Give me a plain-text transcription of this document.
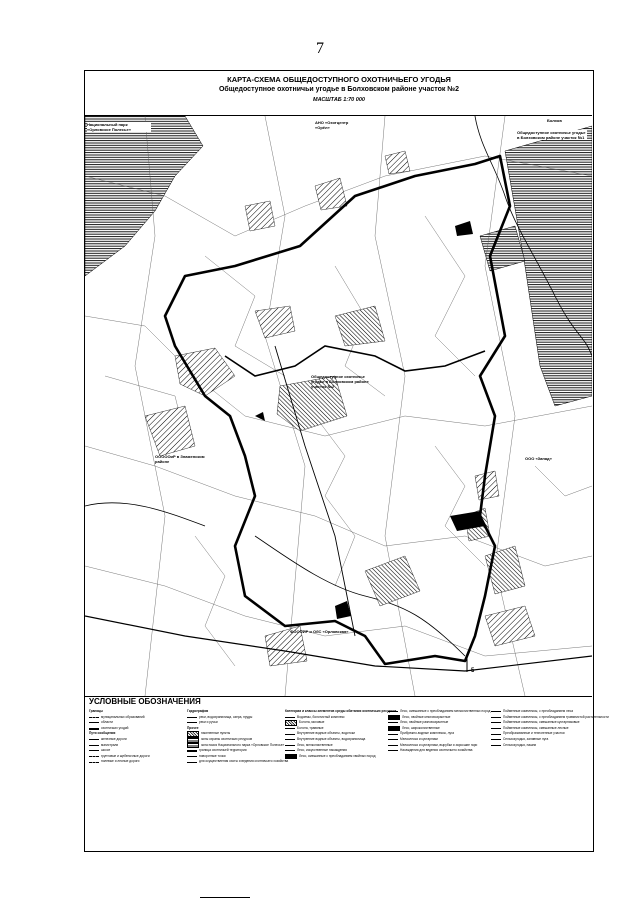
7
КАРТА-СХЕМА ОБЩЕДОСТУПНОГО ОХОТНИЧЬЕГО УГОДЬЯ
Общедоступное охотничьи угодье в Болховском районе участок №2
МАСШТАБ 1:70 000
Национальный парк «Орловское Полесье»
АНО «Охотцентр «Орёл»
Болхов
Общедоступное охотничье угодье в Болховском районе участок №1
Общедоступное охотничье угодье в Болховском районе участок №2
ОООООиР в Знаменском районе
ООО «Запад»
ФОООИР и ОбС «Орловская»
5
УСЛОВНЫЕ ОБОЗНАЧЕНИЯ
Границы
муниципальных образований
области
охотничьих угодий
Пути сообщения
железные дороги
магистрали
шоссе
грунтовые и щебеночные дороги
полевые и лесные дороги
Гидрография
реки, водохранилища, озера, пруды
реки и ручьи
Прочее
населенные пункты
зоны охраны охотничьих ресурсов
зона покоя Национального парка «Орловское Полесье»
граница охотничьей территории
поворотные точки
для осуществления охоты и ведения охотничьего хозяйства
Категории и классы элементов среды обитания охотничьих ресурсов
Водоемы, болотистый комплекс
Болота, моховые
Болота, травяные
Внутренние водные объекты, водотоки
Внутренние водные объекты, водохранилища
Лесо, мелколиственные
Лесо, искусственные насаждения
Лесо, смешанные с преобладанием хвойных пород
Лесо, смешанные с преобладанием мелколиственных пород
Лесо, хвойные многовозрастные
Лесо, хвойные разновозрастные
Лесо, широколиственные
Прибрежно-водные комплексы, луга
Мелколесья и кустарники
Мелколесья и кустарники, вырубки и заросшие гари
Насаждения для ведения охотничьего хозяйства
Пойменные комплексы, с преобладанием леса
Пойменные комплексы, с преобладанием травянистой растительности
Пойменные комплексы, смешанные кустарниковые
Пойменные комплексы, смешанные лесные
Преобразованные и техногенные участки
Сельхозугодья, заливные луга
Сельхозугодья, пашни
